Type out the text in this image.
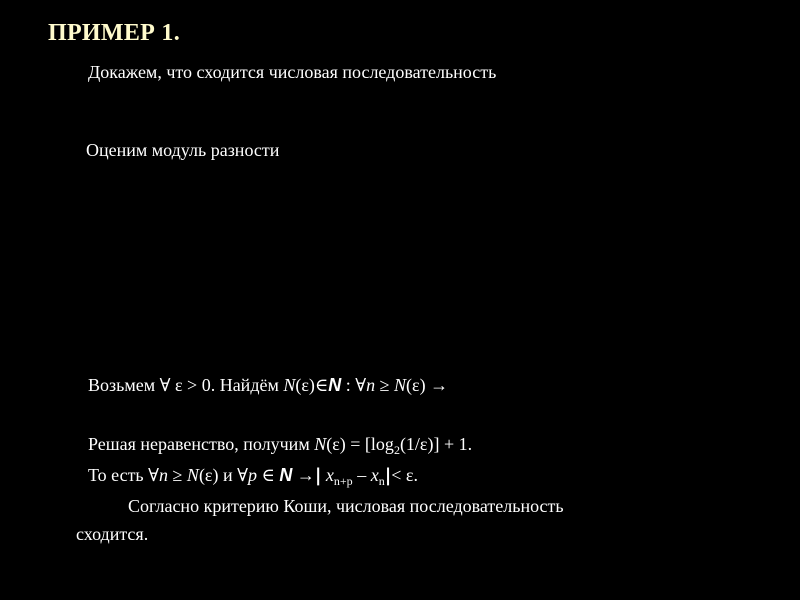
ПРИМЕР 1.
Докажем, что сходится числовая последовательность
Оценим модуль разности
Возьмем ∀ ε > 0. Найдём N(ε)∈N : ∀n ≥ N(ε) →
Решая неравенство, получим $N(\varepsilon) = [\log_2(1/\varepsilon)] + 1$.
То есть ∀n ≥ N(ε) и ∀p ∈ N →| $x_{n+p} - x_n|< \varepsilon$.
Согласно критерию Коши, числовая последовательность
сходится.
